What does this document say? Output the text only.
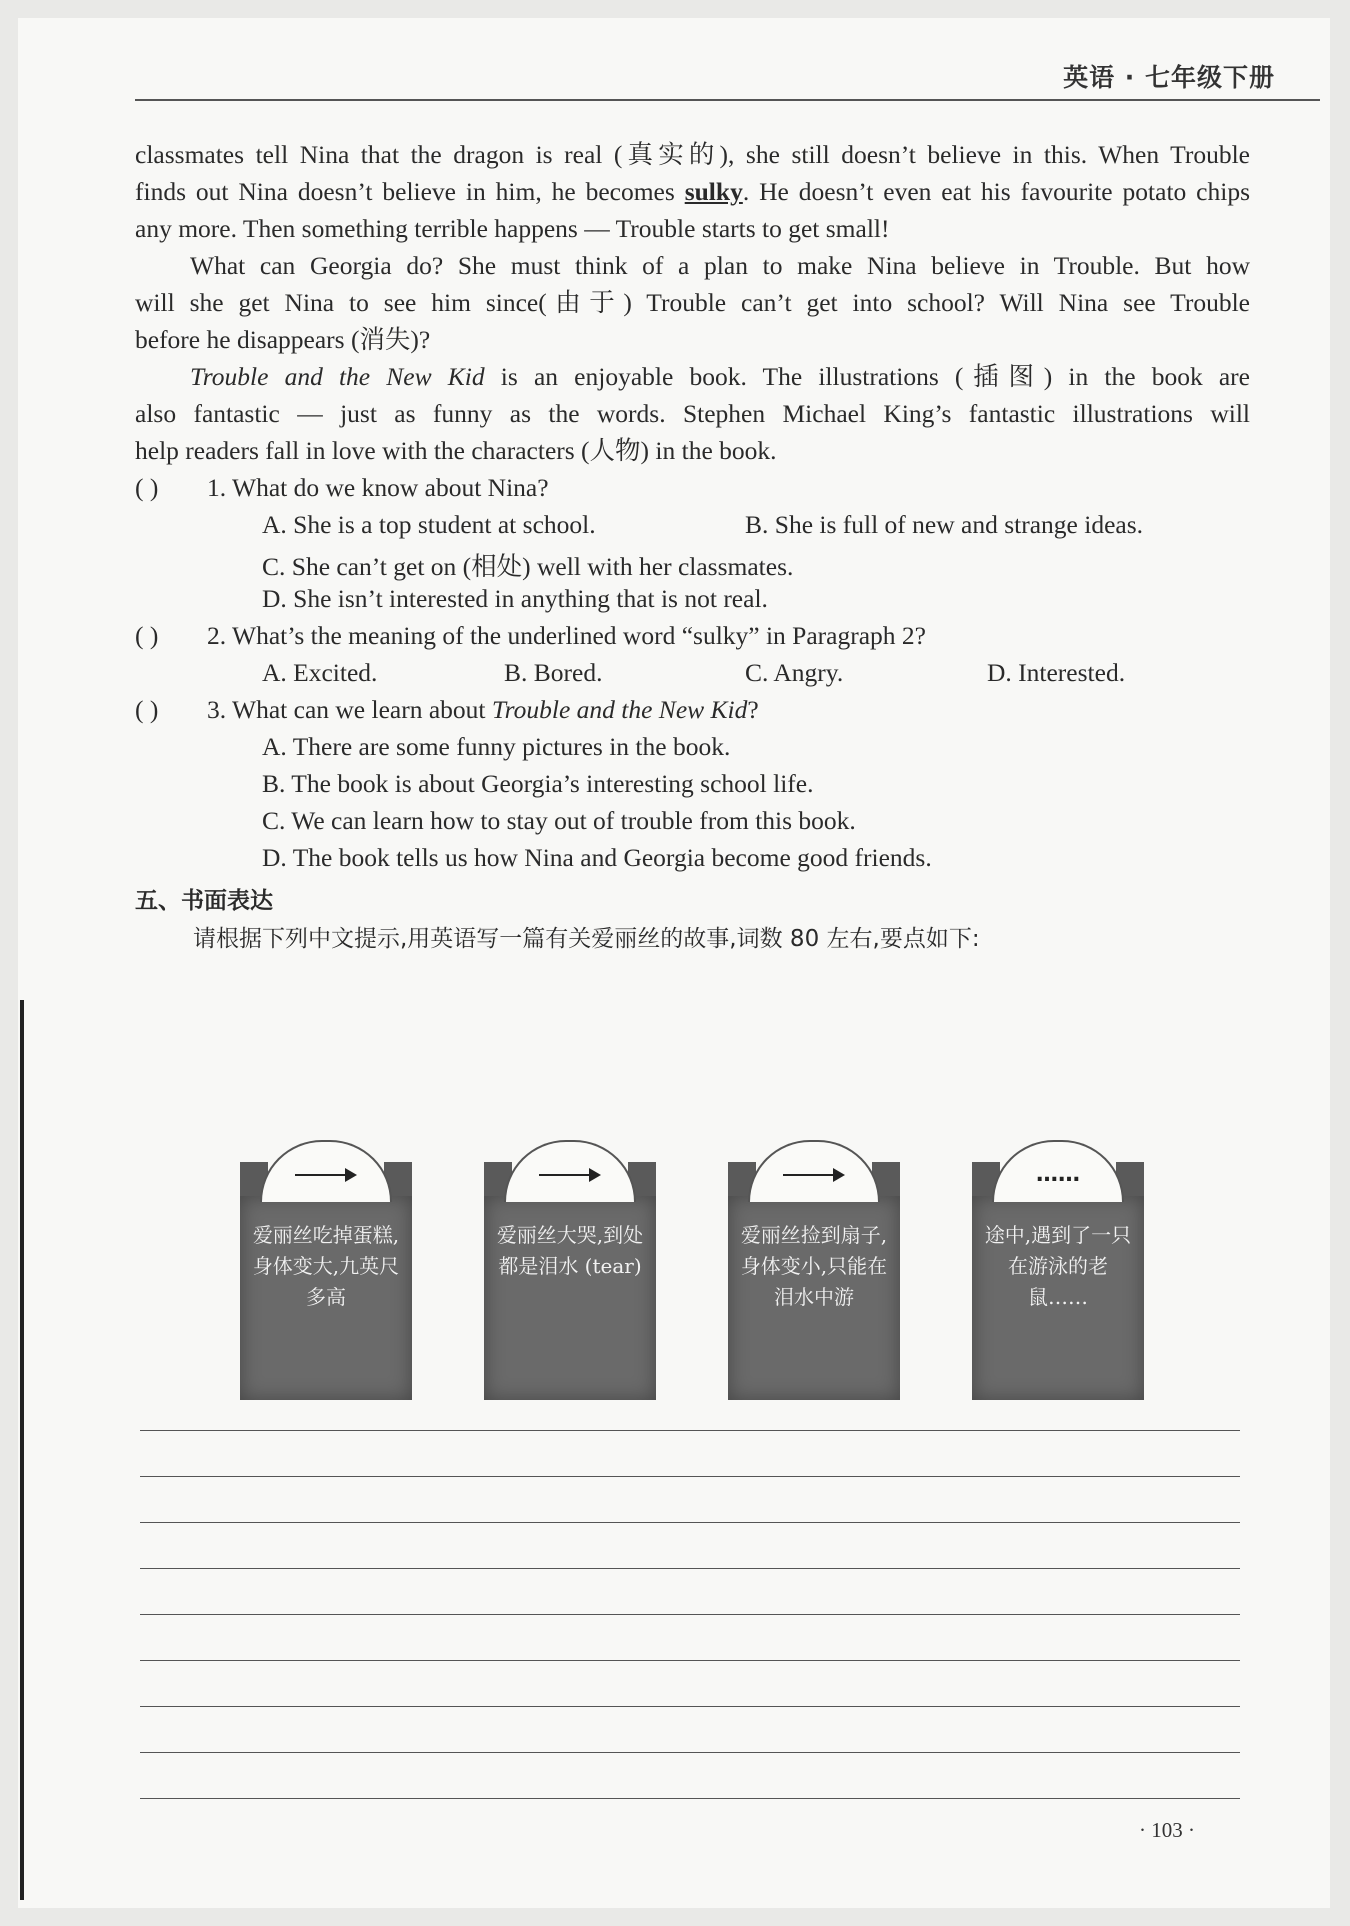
英语 · 七年级下册
classmates tell Nina that the dragon is real (真实的), she still doesn’t believe in this. When Trouble
finds out Nina doesn’t believe in him, he becomes sulky. He doesn’t even eat his favourite potato chips
any more. Then something terrible happens — Trouble starts to get small!
What can Georgia do? She must think of a plan to make Nina believe in Trouble. But how
will she get Nina to see him since(由于) Trouble can’t get into school? Will Nina see Trouble
before he disappears (消失)?
Trouble and the New Kid is an enjoyable book. The illustrations (插图) in the book are
also fantastic — just as funny as the words. Stephen Michael King’s fantastic illustrations will
help readers fall in love with the characters (人物) in the book.
( ) 1. What do we know about Nina?
A. She is a top student at school.	B. She is full of new and strange ideas.
C. She can’t get on (相处) well with her classmates.
D. She isn’t interested in anything that is not real.
( ) 2. What’s the meaning of the underlined word “sulky” in Paragraph 2?
A. Excited.	B. Bored.	C. Angry.	D. Interested.
( ) 3. What can we learn about Trouble and the New Kid?
A. There are some funny pictures in the book.
B. The book is about Georgia’s interesting school life.
C. We can learn how to stay out of trouble from this book.
D. The book tells us how Nina and Georgia become good friends.
五、书面表达
请根据下列中文提示,用英语写一篇有关爱丽丝的故事,词数 80 左右,要点如下:
爱丽丝吃掉蛋糕,身体变大,九英尺多高
爱丽丝大哭,到处都是泪水 (tear)
爱丽丝捡到扇子,身体变小,只能在泪水中游
……
途中,遇到了一只在游泳的老鼠……
· 103 ·
